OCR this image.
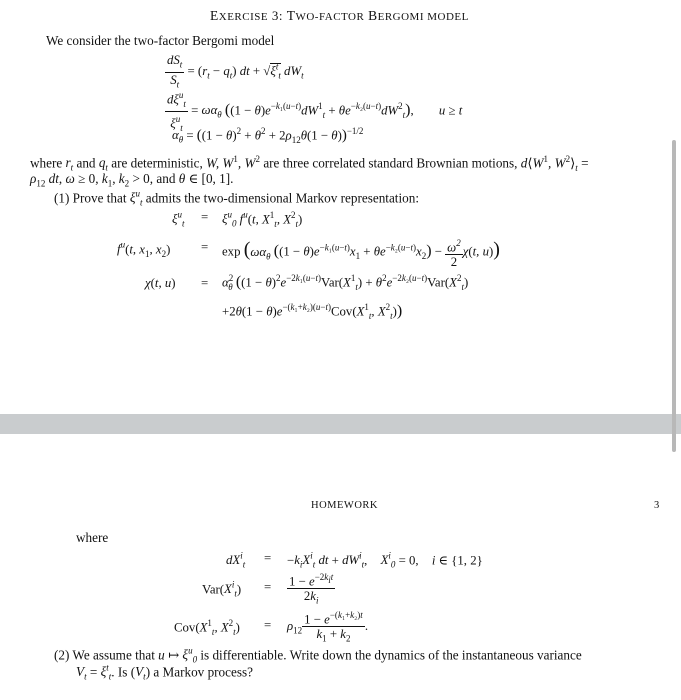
EXERCISE 3: TWO-FACTOR BERGOMI MODEL
We consider the two-factor Bergomi model
$\frac{dS_t}{S_t} = (r_t - q_t)$ dt + $√\xi^t_t$ $dW_t$
$\frac{d\xi^u_t}{\xi^u_t} = \omega\alpha_\theta$ $((1 - \theta)e^{-k_1(u-t)}dW^1_t + \theta e^{-k_2(u-t)}dW^2_t)$, u ≥ t
$\alpha_\theta = ((1 - \theta)^2 + \theta^2 + 2\rho_{12}\theta(1 - \theta))^{-1/2}$
where $r_t$ and $q_t$ are deterministic, W, $W^1$, $W^2$ are three correlated standard Brownian motions, $d⟨W^1$, $W^2⟩_t$ =
$\rho_{12}$ dt, ω ≥ 0, $k_1$, $k_2 > 0$, and θ ∈ [0, 1].
(1) Prove that $\xi^u_t$ admits the two-dimensional Markov representation:
$\xi^u_t = \xi^u_0$ $f^u(t$, $X^1_t$, $X^2_t$)
$f^u(t$, $x_1$, $x_2) = \exp (\omega\alpha_\theta$ $((1 - \theta)e^{-k_1(u-t)}x_1 + \theta e^{-k_2(u-t)}x_2) - \frac{\omega^2}{2} \chi(t$, u))
χ(t, $u) = \alpha^2_\theta$ ($(1 - \theta)^2e^{-2k_1(u-t)}Var(X^1_t) + \theta^2e^{-2k_2(u-t)}Var(X^2_t)$
$+2\theta(1 - \theta)e^{-(k_1+k_2)(u-t)}Cov(X^1_t$, $X^2_t$))
HOMEWORK	3
where
$dX^i_t = -k_iX^i_t$ dt + $dW^i_t$, $X^i_0 = 0$, i ∈ {1, 2}
$Var(X^i_t) = \frac{1 - e^{-2k_it}}{2k_i}$
$Cov(X^1_t$, $X^2_t) = \rho_{12} \frac{1 - e^{-(k_1+k_2)t}}{k_1 + k_2}$ .
(2) We assume that u ↦ $\xi^u_0$ is differentiable. Write down the dynamics of the instantaneous variance
$V_t = \xi^t_t$. Is $(V_t)$ a Markov process?
